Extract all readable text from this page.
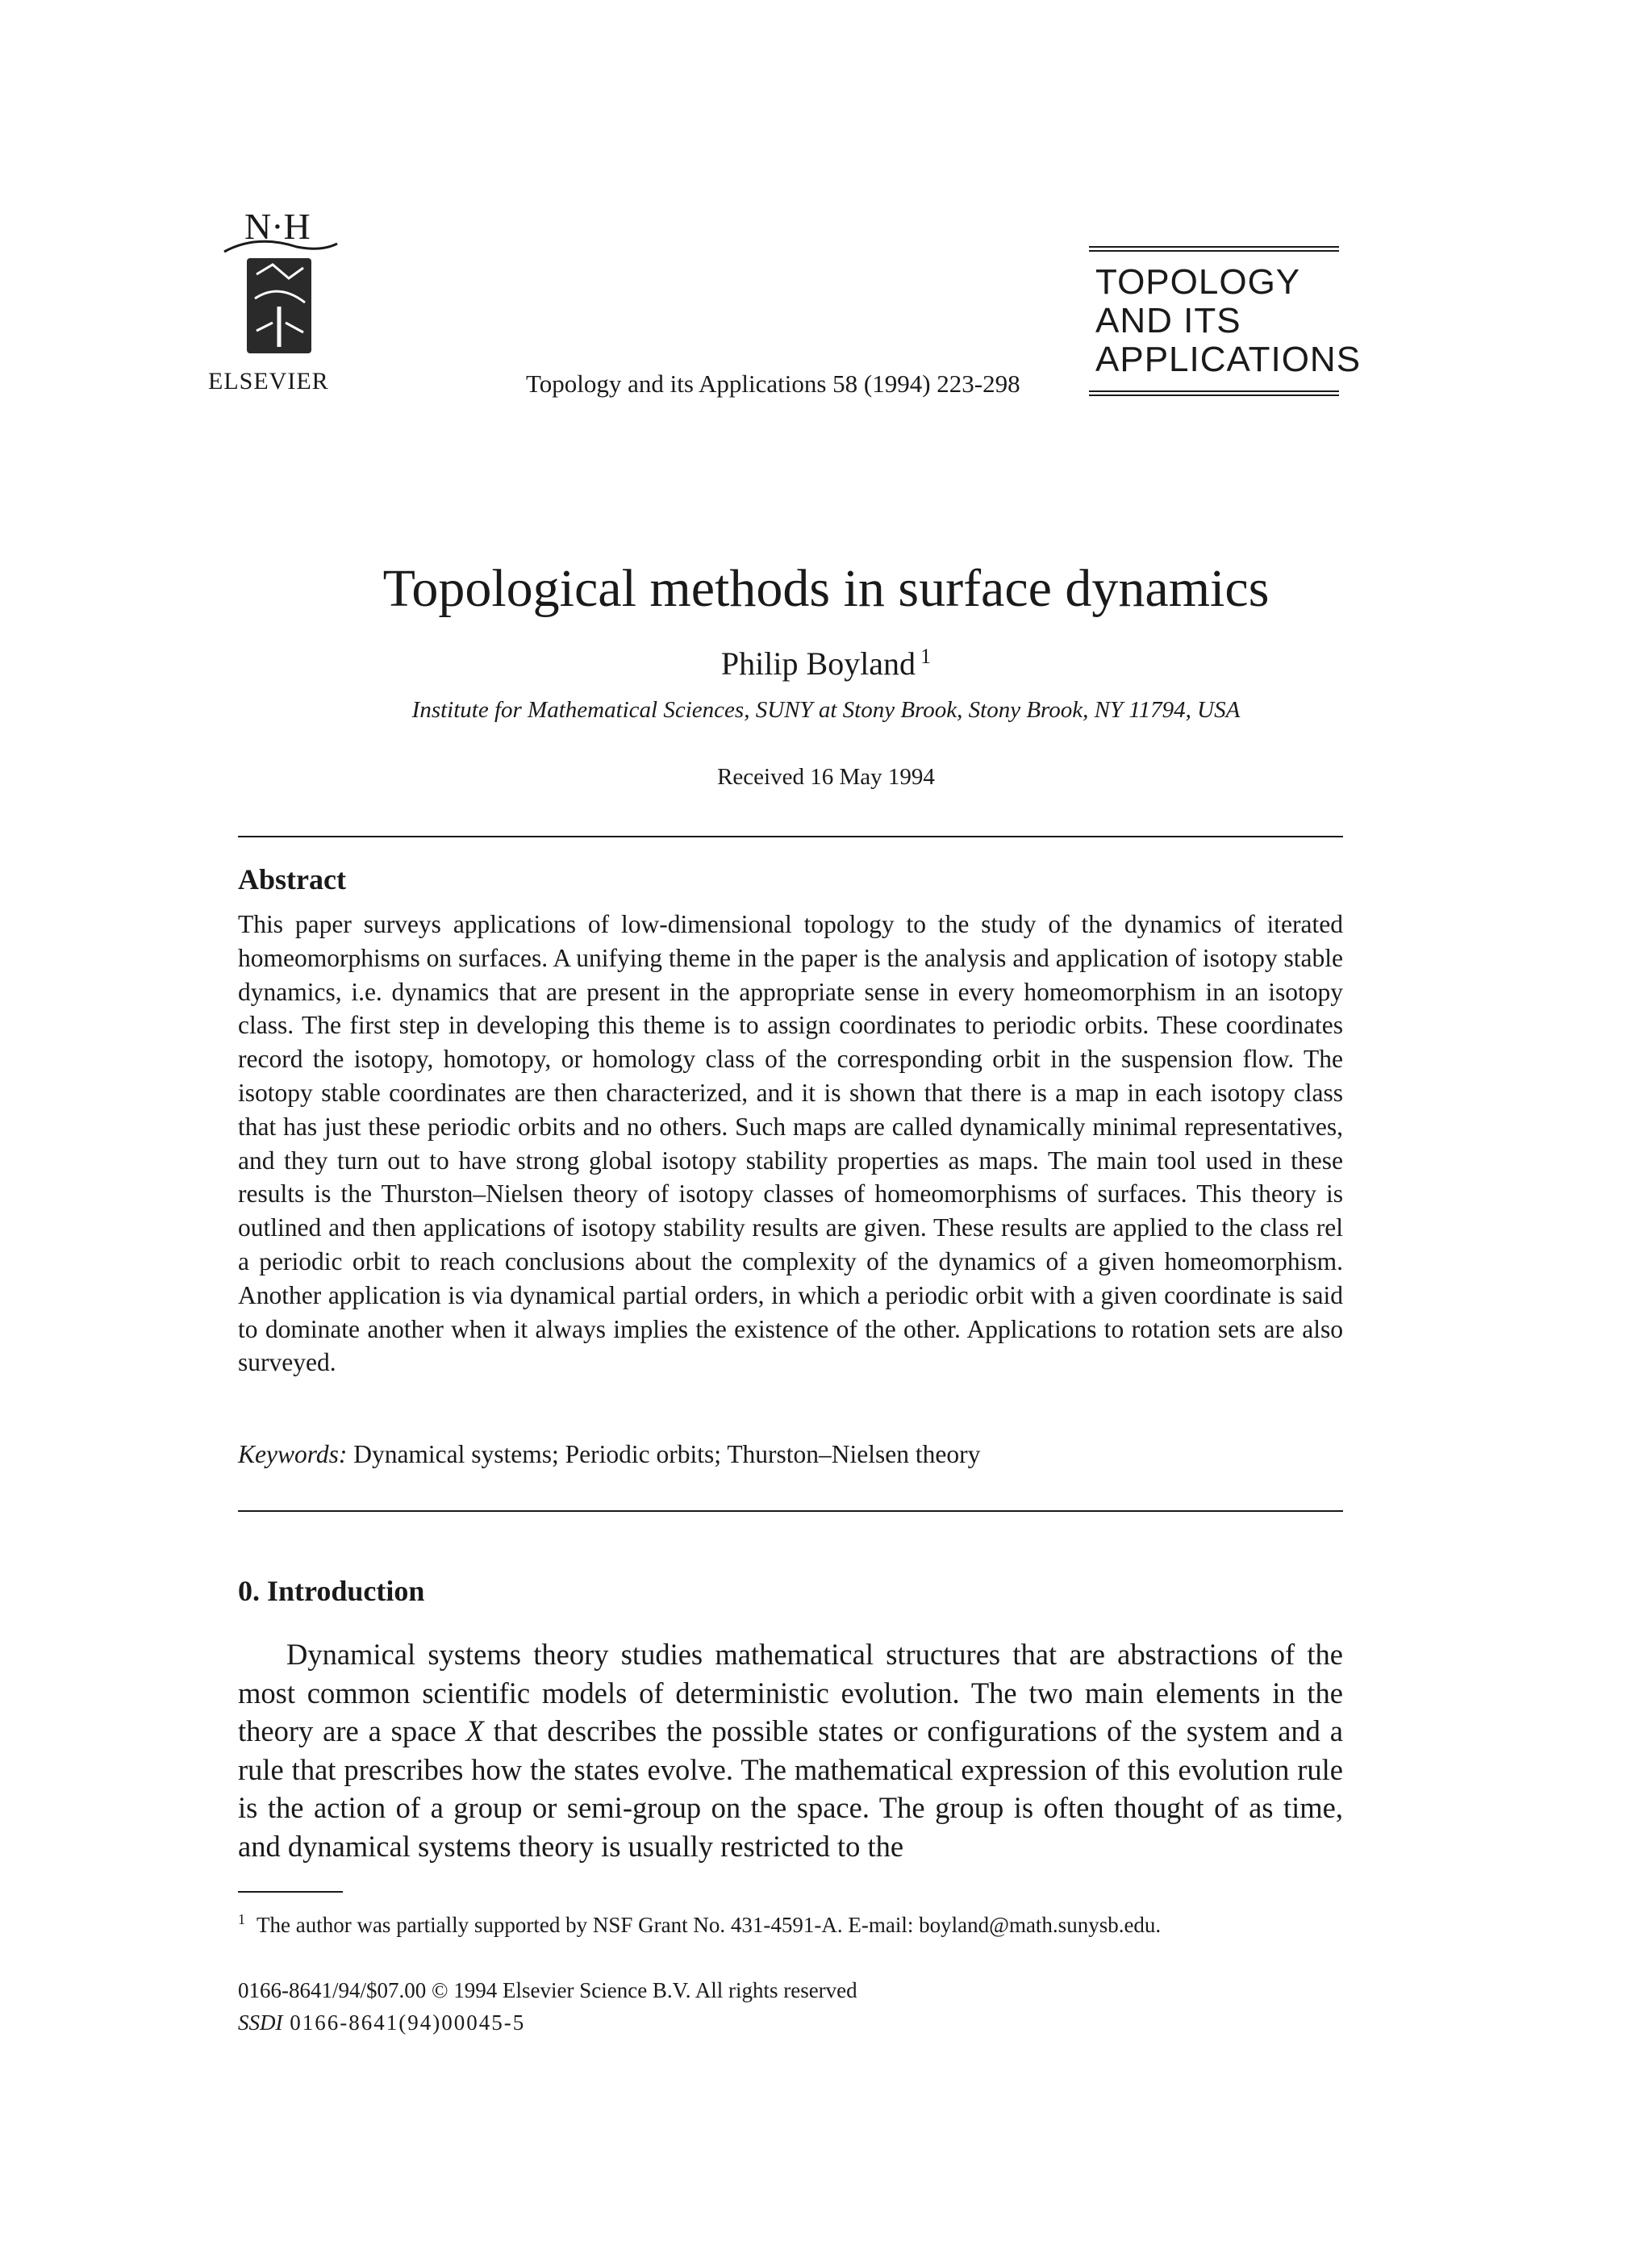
N·H
ELSEVIER	Topology and its Applications 58 (1994) 223-298
TOPOLOGY
AND ITS
APPLICATIONS
Topological methods in surface dynamics
Philip Boyland $^1$
Institute for Mathematical Sciences, SUNY at Stony Brook, Stony Brook, NY 11794, USA
Received 16 May 1994
Abstract
This paper surveys applications of low-dimensional topology to the study of the dynamics of iterated homeomorphisms on surfaces. A unifying theme in the paper is the analysis and application of isotopy stable dynamics, i.e. dynamics that are present in the appropriate sense in every homeomorphism in an isotopy class. The first step in developing this theme is to assign coordinates to periodic orbits. These coordinates record the isotopy, homotopy, or homology class of the corresponding orbit in the suspension flow. The isotopy stable coordinates are then characterized, and it is shown that there is a map in each isotopy class that has just these periodic orbits and no others. Such maps are called dynamically minimal representatives, and they turn out to have strong global isotopy stability properties as maps. The main tool used in these results is the Thurston–Nielsen theory of isotopy classes of homeomorphisms of surfaces. This theory is outlined and then applications of isotopy stability results are given. These results are applied to the class rel a periodic orbit to reach conclusions about the complexity of the dynamics of a given homeomorphism. Another application is via dynamical partial orders, in which a periodic orbit with a given coordinate is said to dominate another when it always implies the existence of the other. Applications to rotation sets are also surveyed.
Keywords: Dynamical systems; Periodic orbits; Thurston–Nielsen theory
0. Introduction
Dynamical systems theory studies mathematical structures that are abstractions of the most common scientific models of deterministic evolution. The two main elements in the theory are a space X that describes the possible states or configurations of the system and a rule that prescribes how the states evolve. The mathematical expression of this evolution rule is the action of a group or semi-group on the space. The group is often thought of as time, and dynamical systems theory is usually restricted to the
$^1$ The author was partially supported by NSF Grant No. 431-4591-A. E-mail: boyland@math.sunysb.edu.
0166-8641/94/$07.00 © 1994 Elsevier Science B.V. All rights reserved
SSDI 0166-8641(94)00045-5
